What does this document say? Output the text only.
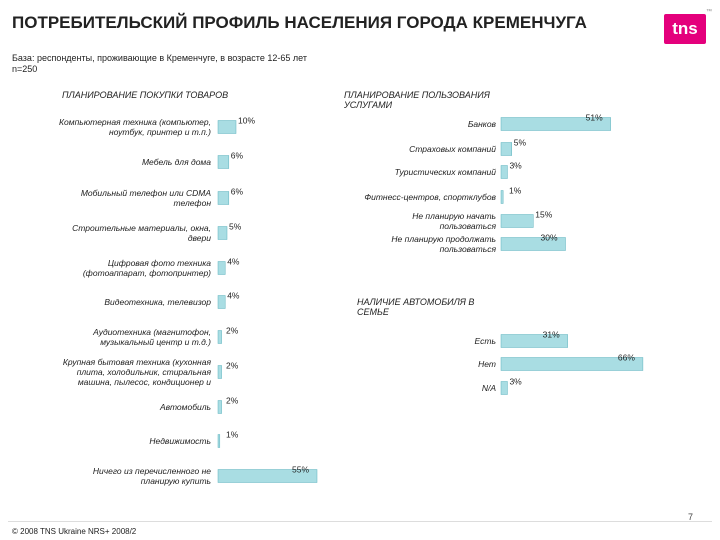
ПОТРЕБИТЕЛЬСКИЙ ПРОФИЛЬ НАСЕЛЕНИЯ ГОРОДА КРЕМЕНЧУГА
База: респонденты, проживающие в Кременчуге, в возрасте 12-65 лет
n=250
tns
™
ПЛАНИРОВАНИЕ ПОКУПКИ ТОВАРОВ	ПЛАНИРОВАНИЕ ПОЛЬЗОВАНИЯ УСЛУГАМИ
НАЛИЧИЕ АВТОМОБИЛЯ В СЕМЬЕ
10%
Компьютерная техника (компьютер, ноутбук, принтер и т.п.)
6%
Мебель для дома
6%
Мобильный телефон или CDMA телефон
5%
Строительные материалы, окна, двери
4%
Цифровая фото техника (фотоаппарат, фотопринтер)
4%
Видеотехника, телевизор
2%
Аудиотехника (магнитофон, музыкальный центр и т.д.)
2%
Крупная бытовая техника (кухонная плита, холодильник, стиральная машина, пылесос, кондиционер и
2%
Автомобиль
1%
Недвижимость
55%
Ничего из перечисленного не планирую купить
51%
Банков
5%
Страховых компаний
3%
Туристических компаний
1%
Фитнесс-центров, спортклубов
15%
Не планирую начать пользоваться
30%
Не планирую продолжать пользоваться
31%
Есть
66%
Нет
3%
N/A
7
© 2008 TNS Ukraine NRS+ 2008/2
